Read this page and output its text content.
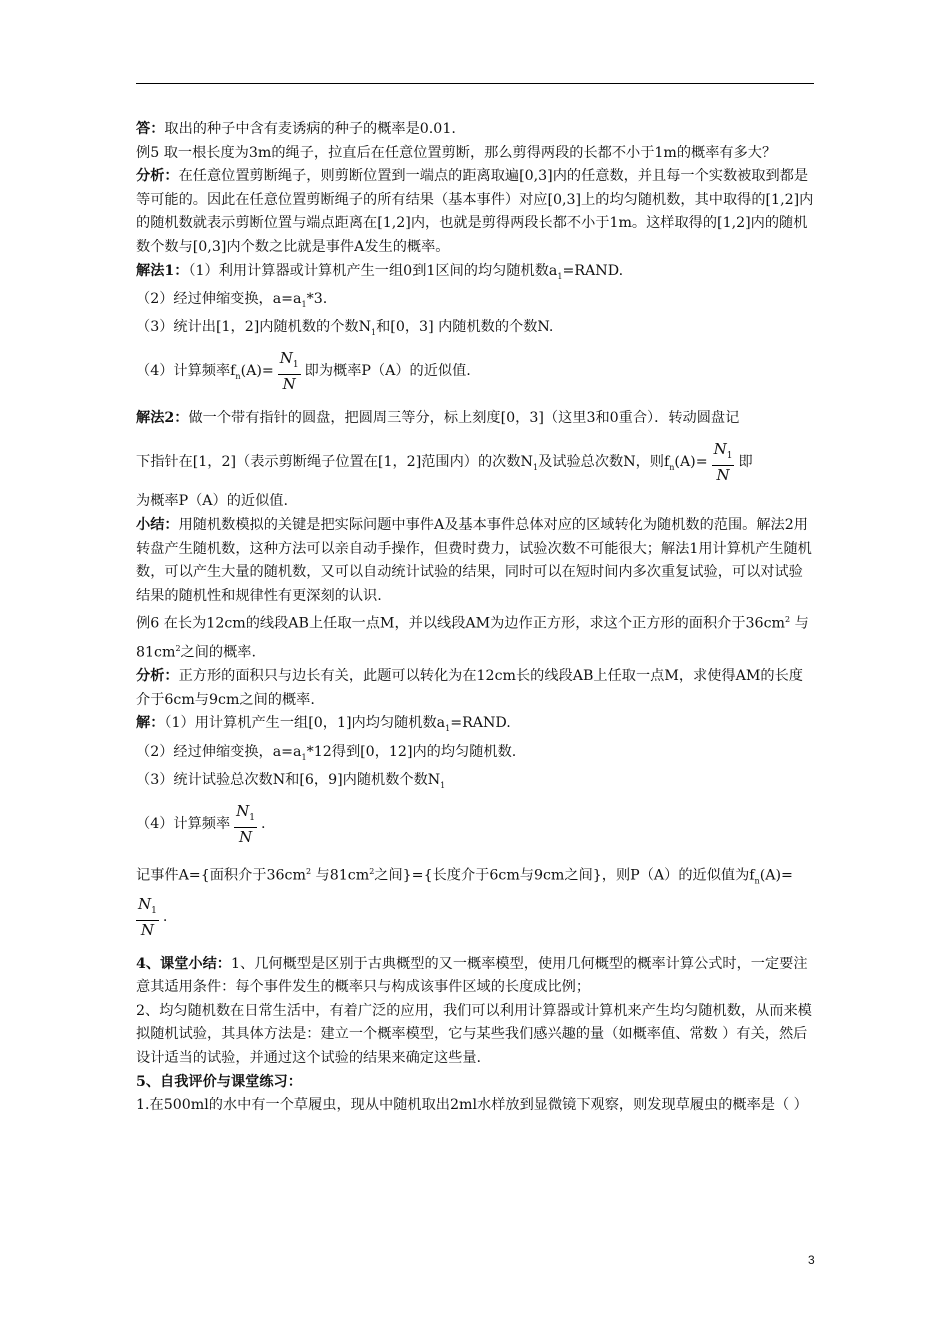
答：取出的种子中含有麦诱病的种子的概率是0.01.

例5 取一根长度为3m的绳子，拉直后在任意位置剪断，那么剪得两段的长都不小于1m的概率有多大？

分析：在任意位置剪断绳子，则剪断位置到一端点的距离取遍[0,3]内的任意数，并且每一个实数被取到都是等可能的。因此在任意位置剪断绳子的所有结果（基本事件）对应[0,3]上的均匀随机数，其中取得的[1,2]内的随机数就表示剪断位置与端点距离在[1,2]内，也就是剪得两段长都不小于1m。这样取得的[1,2]内的随机数个数与[0,3]内个数之比就是事件A发生的概率。

解法1：（1）利用计算器或计算机产生一组0到1区间的均匀随机数$a_1=RAND$.

（2）经过伸缩变换，$a=a_1*3$.

（3）统计出[1，2]内随机数的个数$N_1$和[0，3] 内随机数的个数N.

（4）计算频率$f_n(A)= \frac{N_1}{N}$ 即为概率P（A）的近似值.

解法2：做一个带有指针的圆盘，把圆周三等分，标上刻度[0，3]（这里3和0重合）．转动圆盘记

下指针在[1，2]（表示剪断绳子位置在[1，2]范围内）的次数$N_1$及试验总次数N，则$f_n(A)= \frac{N_1}{N}$ 即

为概率P（A）的近似值.

小结：用随机数模拟的关键是把实际问题中事件A及基本事件总体对应的区域转化为随机数的范围。解法2用转盘产生随机数，这种方法可以亲自动手操作，但费时费力，试验次数不可能很大；解法1用计算机产生随机数，可以产生大量的随机数，又可以自动统计试验的结果，同时可以在短时间内多次重复试验，可以对试验结果的随机性和规律性有更深刻的认识.

例6 在长为12cm的线段AB上任取一点M，并以线段AM为边作正方形，求这个正方形的面积介于$36cm^2$ 与$81cm^2$之间的概率.

分析：正方形的面积只与边长有关，此题可以转化为在12cm长的线段AB上任取一点M，求使得AM的长度介于6cm与9cm之间的概率.

解：（1）用计算机产生一组[0，1]内均匀随机数$a_1=RAND$.

（2）经过伸缩变换，$a=a_1*12$得到[0，12]内的均匀随机数.

（3）统计试验总次数N和[6，9]内随机数个数$N_1$

（4）计算频率 $\frac{N_1}{N}$ .

记事件A={面积介于$36cm^2$ 与$81cm^2$之间}={长度介于6cm与9cm之间}，则P（A）的近似值为$f_n(A)=$

$\frac{N_1}{N}$ .

4、课堂小结：1、几何概型是区别于古典概型的又一概率模型，使用几何概型的概率计算公式时，一定要注意其适用条件：每个事件发生的概率只与构成该事件区域的长度成比例；

2、均匀随机数在日常生活中，有着广泛的应用，我们可以利用计算器或计算机来产生均匀随机数，从而来模拟随机试验，其具体方法是：建立一个概率模型，它与某些我们感兴趣的量（如概率值、常数 ）有关，然后设计适当的试验，并通过这个试验的结果来确定这些量.

5、自我评价与课堂练习：

1.在500ml的水中有一个草履虫，现从中随机取出2ml水样放到显微镜下观察，则发现草履虫的概率是（ ）

3
